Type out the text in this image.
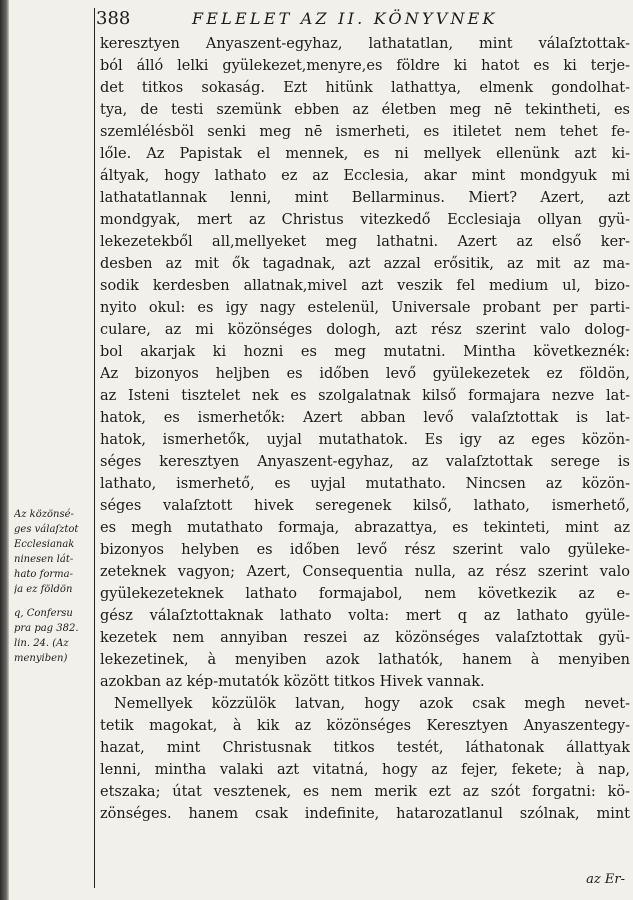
388	FELELET AZ II. KÖNYVNEK
keresztyen Anyaszent-egyhaz, lathatatlan, mint válaſztottak-
ból álló lelki gyülekezet,menyre,es földre ki hatot es ki terje-
det titkos sokaság. Ezt hitünk lathattya, elmenk gondolhat-
tya, de testi szemünk ebben az életben meg nē tekintheti, es
szemlélésböl senki meg nē ismerheti, es itiletet nem tehet fe-
lőle. Az Papistak el mennek, es ni mellyek ellenünk azt ki-
áltyak, hogy lathato ez az Ecclesia, akar mint mondgyuk mi
lathatatlannak lenni, mint Bellarminus. Miert? Azert, azt
mondgyak, mert az Christus vitezkedő Ecclesiaja ollyan gyü-
lekezetekből all,mellyeket meg lathatni. Azert az első ker-
desben az mit ők tagadnak, azt azzal erősitik, az mit az ma-
sodik kerdesben allatnak,mivel azt veszik fel medium ul, bizo-
nyito okul: es igy nagy estelenül, Universale probant per parti-
culare, az mi közönséges dologh, azt rész szerint valo dolog-
bol akarjak ki hozni es meg mutatni. Mintha következnék:
Az bizonyos heljben es időben levő gyülekezetek ez földön,
az Isteni tisztelet nek es szolgalatnak kilső formajara nezve lat-
hatok, es ismerhetők: Azert abban levő valaſztottak is lat-
hatok, ismerhetők, uyjal mutathatok. Es igy az eges közön-
séges keresztyen Anyaszent-egyhaz, az valaſztottak serege is
lathato, ismerhető, es uyjal mutathato. Nincsen az közön-
séges valaſztott hivek seregenek kilső, lathato, ismerhető,
es megh mutathato formaja, abrazattya, es tekinteti, mint az
bizonyos helyben es időben levő rész szerint valo gyüleke-
zeteknek vagyon; Azert, Consequentia nulla, az rész szerint valo
gyülekezeteknek lathato formajabol, nem következik az e-
gész válaſztottaknak lathato volta: mert q az lathato gyüle-
kezetek nem annyiban reszei az közönséges valaſztottak gyü-
lekezetinek, à menyiben azok lathatók, hanem à menyiben
azokban az kép-mutatók között titkos Hivek vannak.
Nemellyek közzülök latvan, hogy azok csak megh nevet-
tetik magokat, à kik az közönséges Keresztyen Anyaszentegy-
hazat, mint Christusnak titkos testét, láthatonak állattyak
lenni, mintha valaki azt vitatná, hogy az fejer, fekete; à nap,
etszaka; útat vesztenek, es nem merik ezt az szót forgatni: kö-
zönséges. hanem csak indefinite, hatarozatlanul szólnak, mint
Az közönsé-
ges válaſztot
Ecclesianak
ninesen lát-
hato forma-
ja ez földön
q, Confersu
pra pag 382.
lin. 24. (Az
menyiben)
az Er-
